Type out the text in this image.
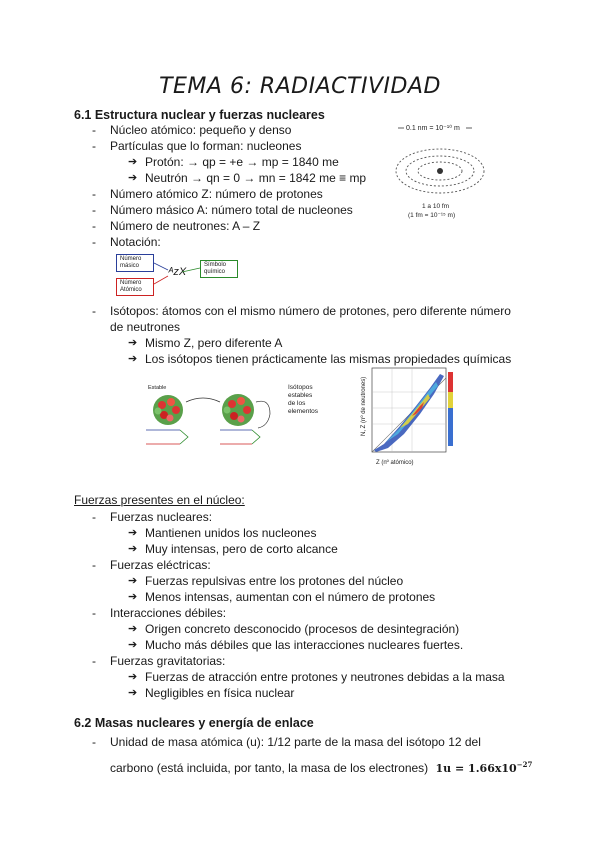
TEMA 6: RADIACTIVIDAD
6.1 Estructura nuclear y fuerzas nucleares
- Núcleo atómico: pequeño y denso
- Partículas que lo forman: nucleones
➔ Protón: → qp = +e → mp = 1840 me
➔ Neutrón → qn = 0 → mn = 1842 me ≡ mp
- Número atómico Z: número de protones
- Número másico A: número total de nucleones
- Número de neutrones: A – Z
- Notación:
0.1 nm = 10⁻¹⁰ m
1 a 10 fm
(1 fm = 10⁻¹⁵ m)
Número másico
Número Atómico
Símbolo químico
ᴬᴢX
- Isótopos: átomos con el mismo número de protones, pero diferente número
de neutrones
➔ Mismo Z, pero diferente A
➔ Los isótopos tienen prácticamente las mismas propiedades químicas
Estable	Isótopos
estables
de los
elementos
Z (nº atómico)
N, Z (nº de neutrones)
Fuerzas presentes en el núcleo:
- Fuerzas nucleares:
➔ Mantienen unidos los nucleones
➔ Muy intensas, pero de corto alcance
- Fuerzas eléctricas:
➔ Fuerzas repulsivas entre los protones del núcleo
➔ Menos intensas, aumentan con el número de protones
- Interacciones débiles:
➔ Origen concreto desconocido (procesos de desintegración)
➔ Mucho más débiles que las interacciones nucleares fuertes.
- Fuerzas gravitatorias:
➔ Fuerzas de atracción entre protones y neutrones debidas a la masa
➔ Negligibles en física nuclear
6.2 Masas nucleares y energía de enlace
- Unidad de masa atómica (u): 1/12 parte de la masa del isótopo 12 del
carbono (está incluida, por tanto, la masa de los electrones) $1u = 1.66x10^{-27}$
